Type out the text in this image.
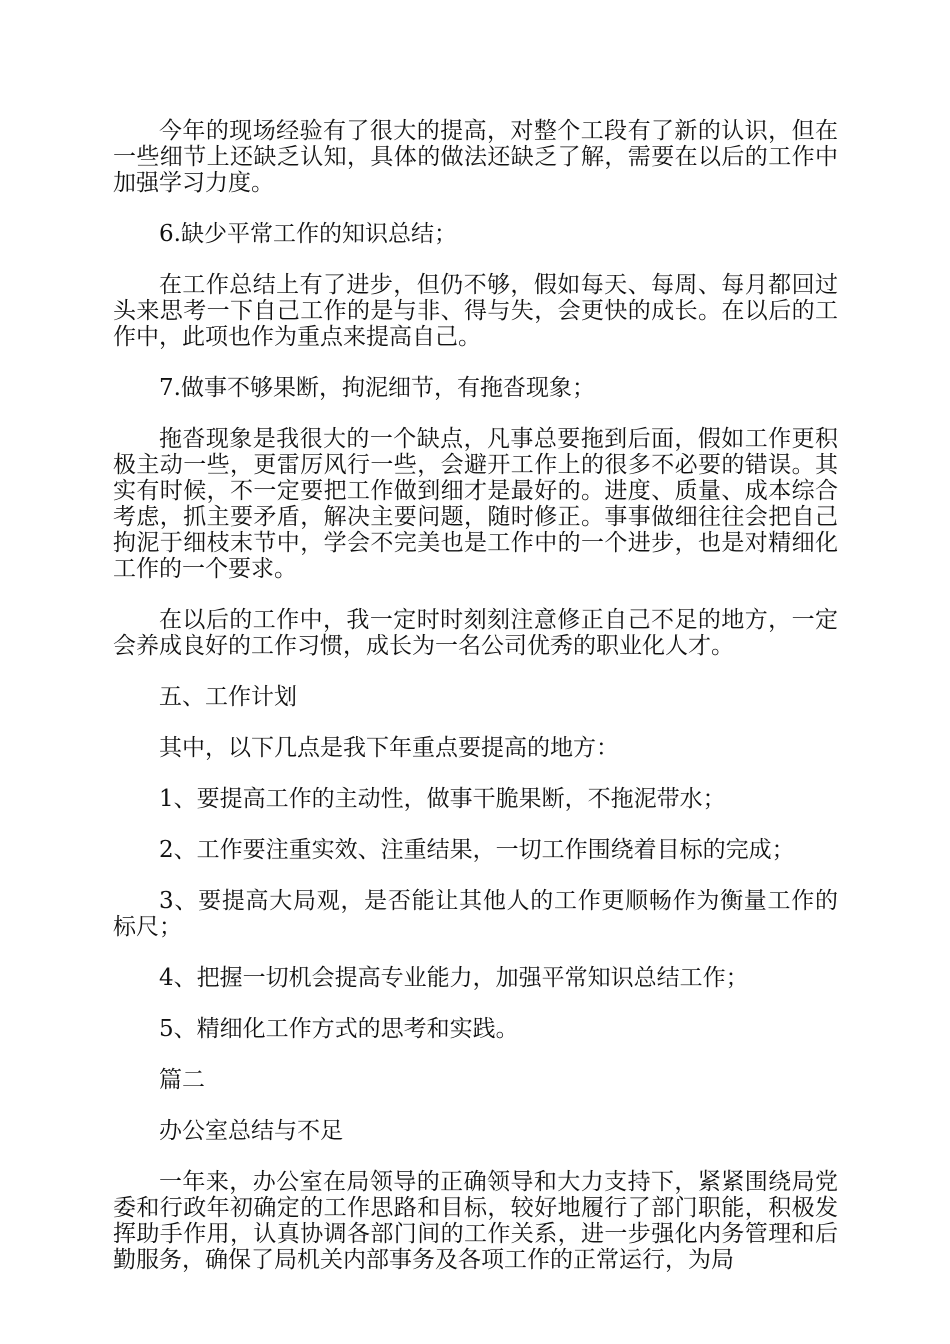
今年的现场经验有了很大的提高，对整个工段有了新的认识，但在一些细节上还缺乏认知，具体的做法还缺乏了解，需要在以后的工作中加强学习力度。

6.缺少平常工作的知识总结；

在工作总结上有了进步，但仍不够，假如每天、每周、每月都回过头来思考一下自己工作的是与非、得与失，会更快的成长。在以后的工作中，此项也作为重点来提高自己。

7.做事不够果断，拘泥细节，有拖沓现象；

拖沓现象是我很大的一个缺点，凡事总要拖到后面，假如工作更积极主动一些，更雷厉风行一些，会避开工作上的很多不必要的错误。其实有时候，不一定要把工作做到细才是最好的。进度、质量、成本综合考虑，抓主要矛盾，解决主要问题，随时修正。事事做细往往会把自己拘泥于细枝末节中，学会不完美也是工作中的一个进步，也是对精细化工作的一个要求。

在以后的工作中，我一定时时刻刻注意修正自己不足的地方，一定会养成良好的工作习惯，成长为一名公司优秀的职业化人才。

五、工作计划

其中，以下几点是我下年重点要提高的地方：

1、要提高工作的主动性，做事干脆果断，不拖泥带水；

2、工作要注重实效、注重结果，一切工作围绕着目标的完成；

3、要提高大局观，是否能让其他人的工作更顺畅作为衡量工作的标尺；

4、把握一切机会提高专业能力，加强平常知识总结工作；

5、精细化工作方式的思考和实践。

篇二

办公室总结与不足

一年来，办公室在局领导的正确领导和大力支持下，紧紧围绕局党委和行政年初确定的工作思路和目标，较好地履行了部门职能，积极发挥助手作用，认真协调各部门间的工作关系，进一步强化内务管理和后勤服务，确保了局机关内部事务及各项工作的正常运行，为局
